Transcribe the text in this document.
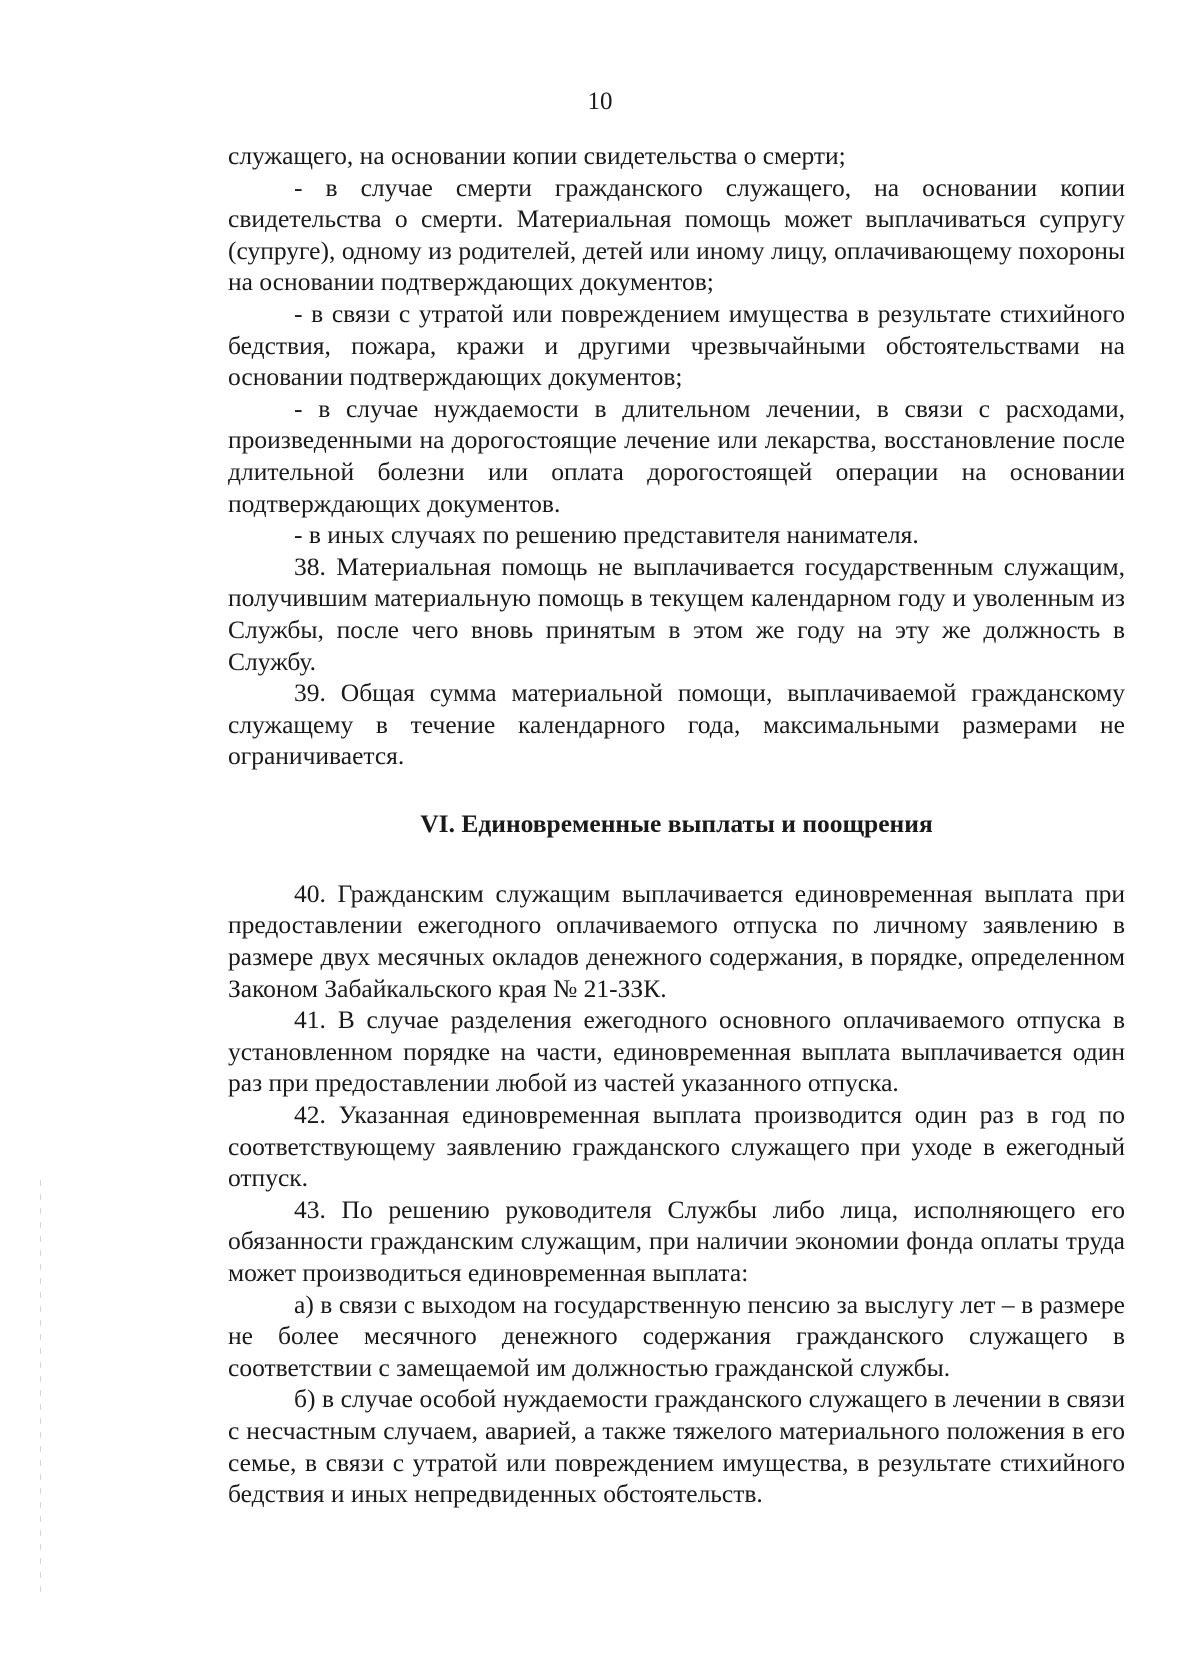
10

служащего, на основании копии свидетельства о смерти;

- в случае смерти гражданского служащего, на основании копии свидетельства о смерти. Материальная помощь может выплачиваться супругу (супруге), одному из родителей, детей или иному лицу, оплачивающему похороны на основании подтверждающих документов;

- в связи с утратой или повреждением имущества в результате стихийного бедствия, пожара, кражи и другими чрезвычайными обстоятельствами на основании подтверждающих документов;

- в случае нуждаемости в длительном лечении, в связи с расходами, произведенными на дорогостоящие лечение или лекарства, восстановление после длительной болезни или оплата дорогостоящей операции на основании подтверждающих документов.

- в иных случаях по решению представителя нанимателя.

38. Материальная помощь не выплачивается государственным служащим, получившим материальную помощь в текущем календарном году и уволенным из Службы, после чего вновь принятым в этом же году на эту же должность в Службу.

39. Общая сумма материальной помощи, выплачиваемой гражданскому служащему в течение календарного года, максимальными размерами не ограничивается.

VI. Единовременные выплаты и поощрения

40. Гражданским служащим выплачивается единовременная выплата при предоставлении ежегодного оплачиваемого отпуска по личному заявлению в размере двух месячных окладов денежного содержания, в порядке, определенном Законом Забайкальского края № 21-ЗЗК.

41. В случае разделения ежегодного основного оплачиваемого отпуска в установленном порядке на части, единовременная выплата выплачивается один раз при предоставлении любой из частей указанного отпуска.

42. Указанная единовременная выплата производится один раз в год по соответствующему заявлению гражданского служащего при уходе в ежегодный отпуск.

43. По решению руководителя Службы либо лица, исполняющего его обязанности гражданским служащим, при наличии экономии фонда оплаты труда может производиться единовременная выплата:

а) в связи с выходом на государственную пенсию за выслугу лет – в размере не более месячного денежного содержания гражданского служащего в соответствии с замещаемой им должностью гражданской службы.

б) в случае особой нуждаемости гражданского служащего в лечении в связи с несчастным случаем, аварией, а также тяжелого материального положения в его семье, в связи с утратой или повреждением имущества, в результате стихийного бедствия и иных непредвиденных обстоятельств.
